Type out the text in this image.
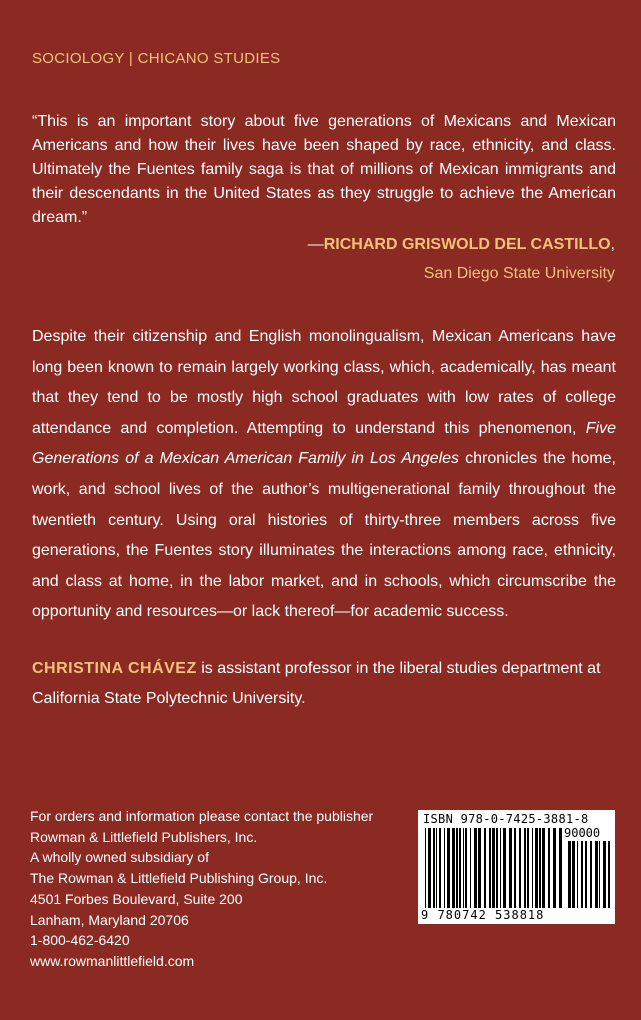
SOCIOLOGY | CHICANO STUDIES

“This is an important story about five generations of Mexicans and Mexican Americans and how their lives have been shaped by race, ethnicity, and class. Ultimately the Fuentes family saga is that of millions of Mexican immigrants and their descendants in the United States as they struggle to achieve the American dream.”

—RICHARD GRISWOLD DEL CASTILLO,
San Diego State University

Despite their citizenship and English monolingualism, Mexican Americans have long been known to remain largely working class, which, academically, has meant that they tend to be mostly high school graduates with low rates of college attendance and completion. Attempting to understand this phenomenon, Five Generations of a Mexican American Family in Los Angeles chronicles the home, work, and school lives of the author’s multigenerational family throughout the twentieth century. Using oral histories of thirty-three members across five generations, the Fuentes story illuminates the interactions among race, ethnicity, and class at home, in the labor market, and in schools, which circumscribe the opportunity and resources—or lack thereof—for academic success.

CHRISTINA CHÁVEZ is assistant professor in the liberal studies department at California State Polytechnic University.

For orders and information please contact the publisher
Rowman & Littlefield Publishers, Inc.
A wholly owned subsidiary of
The Rowman & Littlefield Publishing Group, Inc.
4501 Forbes Boulevard, Suite 200
Lanham, Maryland 20706
1-800-462-6420
www.rowmanlittlefield.com
ISBN 978-0-7425-3881-8
90000
9 780742 538818
